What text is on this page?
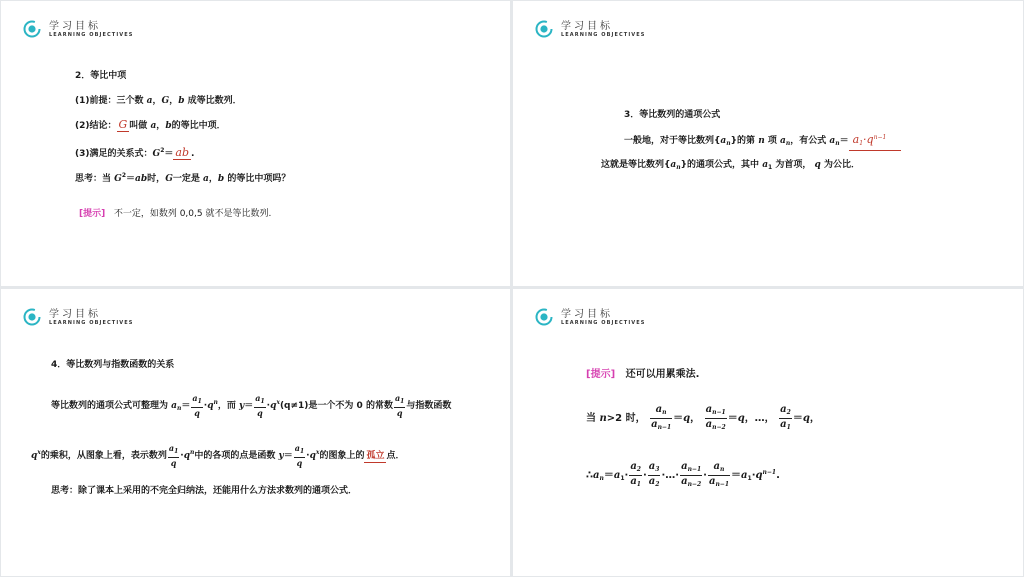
学习目标
LEARNING OBJECTIVES
2．等比中项
(1)前提：三个数 a，G，b 成等比数列．
(2)结论： G 叫做 a，b的等比中项．
(3)满足的关系式：$G^2=$ ab .
思考：当 $G^2=ab$时，G一定是 a，b 的等比中项吗？
[提示] 不一定，如数列 0,0,5 就不是等比数列.
学习目标
LEARNING OBJECTIVES
3．等比数列的通项公式
一般地，对于等比数列$\{a_n\}$的第 n 项 $a_n$，有公式 $a_n= a_1\cdot q^{n-1}$
这就是等比数列$\{a_n\}$的通项公式，其中 $a_1$ 为首项， q 为公比．
学习目标
LEARNING OBJECTIVES
4．等比数列与指数函数的关系
等比数列的通项公式可整理为 $a_n= \frac{a_1}{q} \cdot q^n$，而 $y= \frac{a_1}{q} \cdot q^x(q\ne 1)$是一个不为 0 的常数 $\frac{a_1}{q}$ 与指数函数
$q^x$的乘积，从图象上看，表示数列 $\frac{a_1}{q} \cdot q^n$中的各项的点是函数 $y= \frac{a_1}{q} \cdot q^x$的图象上的 孤立 点．
思考：除了课本上采用的不完全归纳法，还能用什么方法求数列的通项公式．
学习目标
LEARNING OBJECTIVES
[提示] 还可以用累乘法.
当 n>2 时， $\frac{a_n}{a_{n-1}} =q$， $\frac{a_{n-1}}{a_{n-2}} =q$，…， $\frac{a_2}{a_1} =q$，
$\therefore a_n=a_1\cdot \frac{a_2}{a_1} \cdot \frac{a_3}{a_2}$ ·…· $\frac{a_{n-1}}{a_{n-2}} \cdot \frac{a_n}{a_{n-1}} =a_1\cdot q^{n-1}$.
